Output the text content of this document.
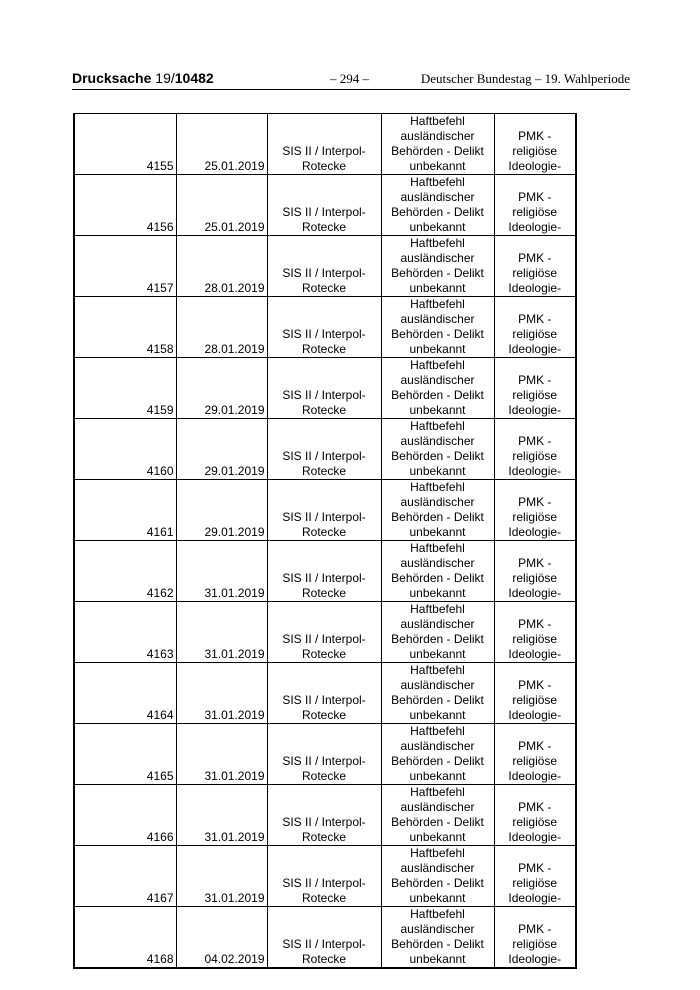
Drucksache 19/10482	– 294 –	Deutscher Bundestag – 19. Wahlperiode
4155	25.01.2019	SIS II / Interpol-
Rotecke	Haftbefehl
ausländischer
Behörden - Delikt
unbekannt	PMK -religiöse
Ideologie-
4156	25.01.2019	SIS II / Interpol-
Rotecke	Haftbefehl
ausländischer
Behörden - Delikt
unbekannt	PMK -religiöse
Ideologie-
4157	28.01.2019	SIS II / Interpol-
Rotecke	Haftbefehl
ausländischer
Behörden - Delikt
unbekannt	PMK -religiöse
Ideologie-
4158	28.01.2019	SIS II / Interpol-
Rotecke	Haftbefehl
ausländischer
Behörden - Delikt
unbekannt	PMK -religiöse
Ideologie-
4159	29.01.2019	SIS II / Interpol-
Rotecke	Haftbefehl
ausländischer
Behörden - Delikt
unbekannt	PMK -religiöse
Ideologie-
4160	29.01.2019	SIS II / Interpol-
Rotecke	Haftbefehl
ausländischer
Behörden - Delikt
unbekannt	PMK -religiöse
Ideologie-
4161	29.01.2019	SIS II / Interpol-
Rotecke	Haftbefehl
ausländischer
Behörden - Delikt
unbekannt	PMK -religiöse
Ideologie-
4162	31.01.2019	SIS II / Interpol-
Rotecke	Haftbefehl
ausländischer
Behörden - Delikt
unbekannt	PMK -religiöse
Ideologie-
4163	31.01.2019	SIS II / Interpol-
Rotecke	Haftbefehl
ausländischer
Behörden - Delikt
unbekannt	PMK -religiöse
Ideologie-
4164	31.01.2019	SIS II / Interpol-
Rotecke	Haftbefehl
ausländischer
Behörden - Delikt
unbekannt	PMK -religiöse
Ideologie-
4165	31.01.2019	SIS II / Interpol-
Rotecke	Haftbefehl
ausländischer
Behörden - Delikt
unbekannt	PMK -religiöse
Ideologie-
4166	31.01.2019	SIS II / Interpol-
Rotecke	Haftbefehl
ausländischer
Behörden - Delikt
unbekannt	PMK -religiöse
Ideologie-
4167	31.01.2019	SIS II / Interpol-
Rotecke	Haftbefehl
ausländischer
Behörden - Delikt
unbekannt	PMK -religiöse
Ideologie-
4168	04.02.2019	SIS II / Interpol-
Rotecke	Haftbefehl
ausländischer
Behörden - Delikt
unbekannt	PMK -religiöse
Ideologie-
